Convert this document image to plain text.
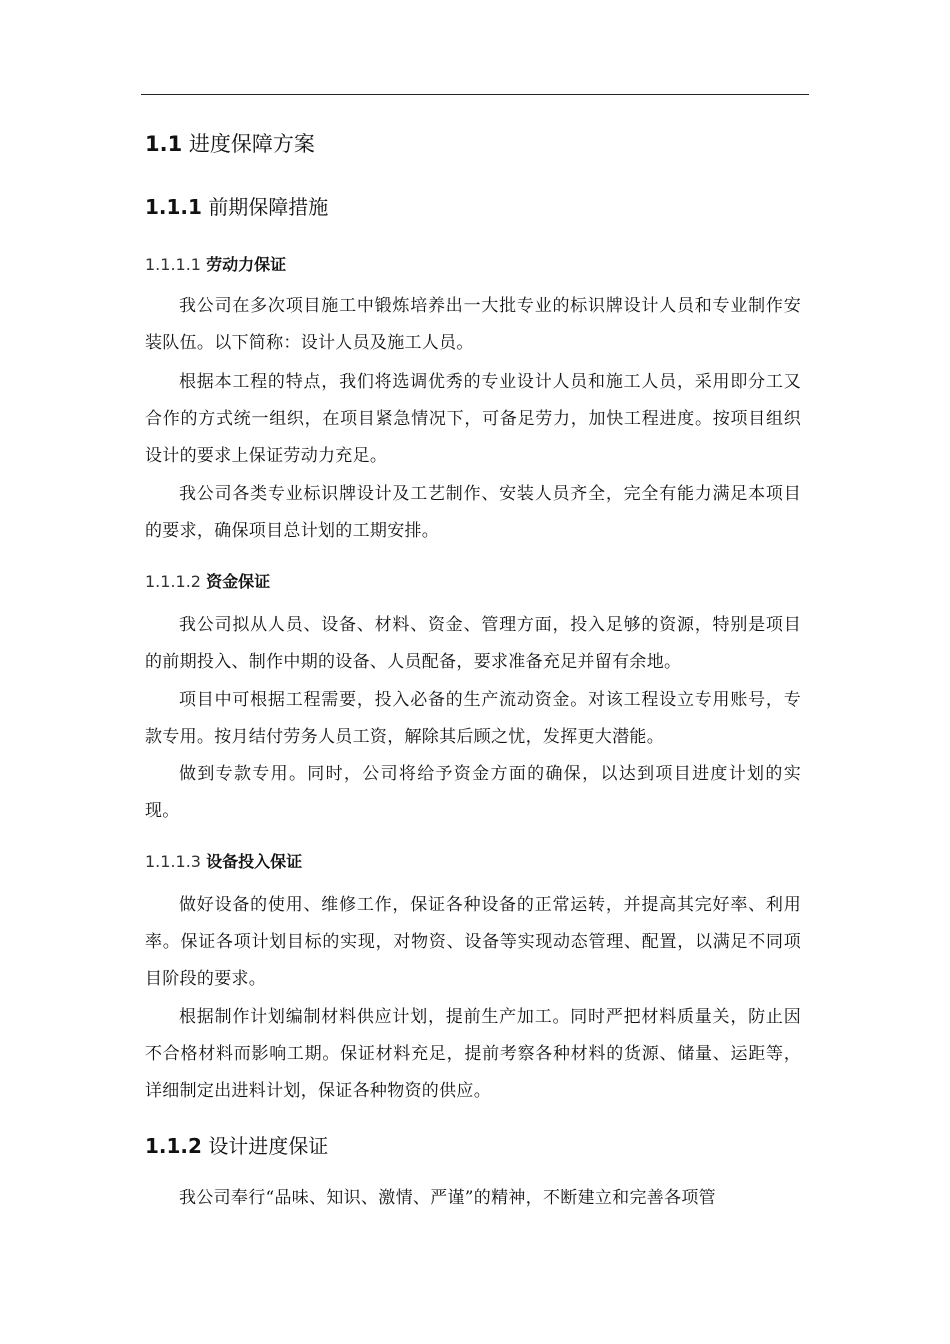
1.1 进度保障方案
1.1.1 前期保障措施
1.1.1.1 劳动力保证

我公司在多次项目施工中锻炼培养出一大批专业的标识牌设计人员和专业制作安装队伍。以下简称：设计人员及施工人员。

根据本工程的特点，我们将选调优秀的专业设计人员和施工人员，采用即分工又合作的方式统一组织，在项目紧急情况下，可备足劳力，加快工程进度。按项目组织设计的要求上保证劳动力充足。

我公司各类专业标识牌设计及工艺制作、安装人员齐全，完全有能力满足本项目的要求，确保项目总计划的工期安排。

1.1.1.2 资金保证

我公司拟从人员、设备、材料、资金、管理方面，投入足够的资源，特别是项目的前期投入、制作中期的设备、人员配备，要求准备充足并留有余地。

项目中可根据工程需要，投入必备的生产流动资金。对该工程设立专用账号，专款专用。按月结付劳务人员工资，解除其后顾之忧，发挥更大潜能。

做到专款专用。同时，公司将给予资金方面的确保，以达到项目进度计划的实现。

1.1.1.3 设备投入保证

做好设备的使用、维修工作，保证各种设备的正常运转，并提高其完好率、利用率。保证各项计划目标的实现，对物资、设备等实现动态管理、配置，以满足不同项目阶段的要求。

根据制作计划编制材料供应计划，提前生产加工。同时严把材料质量关，防止因不合格材料而影响工期。保证材料充足，提前考察各种材料的货源、储量、运距等，详细制定出进料计划，保证各种物资的供应。

1.1.2 设计进度保证

我公司奉行“品味、知识、激情、严谨”的精神，不断建立和完善各项管
